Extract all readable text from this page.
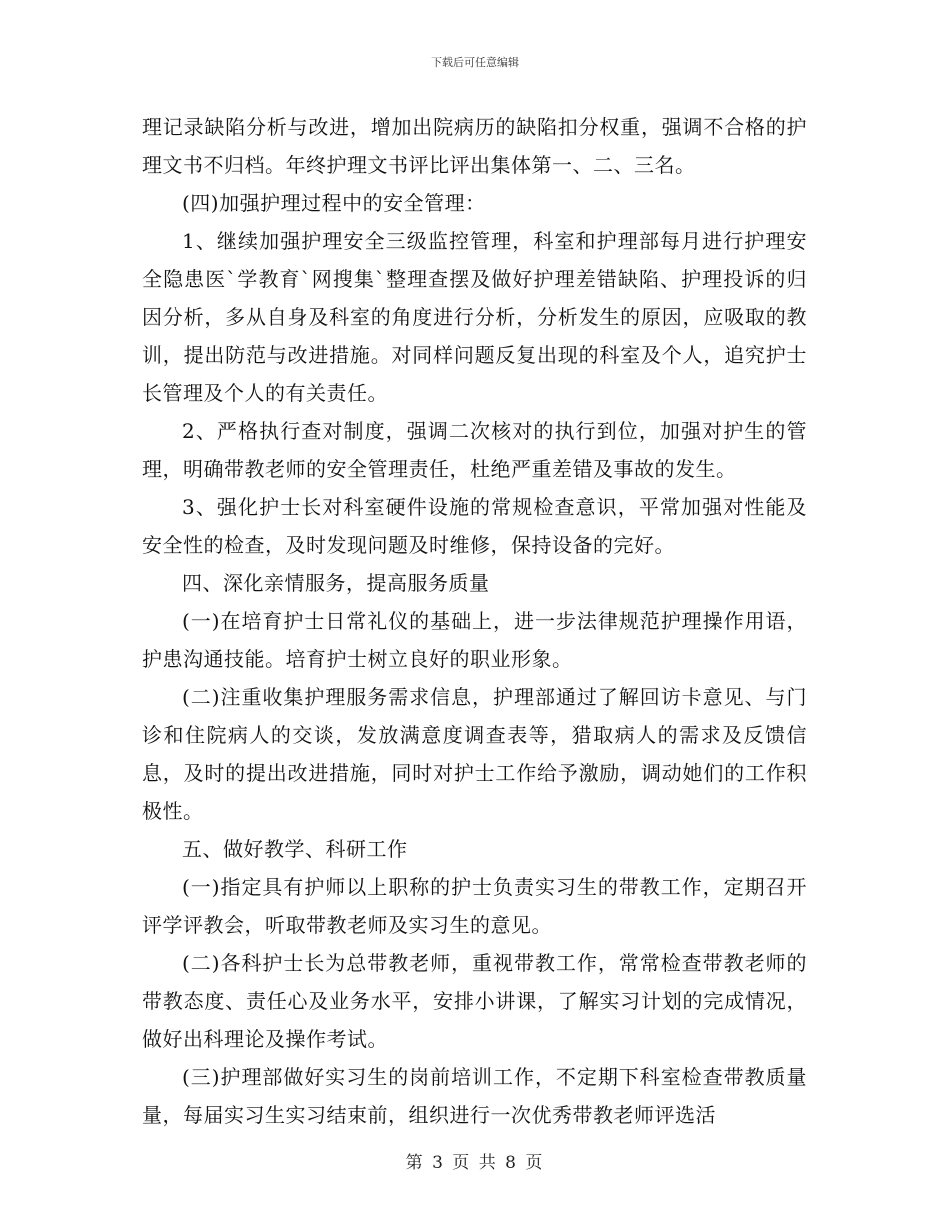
下载后可任意编辑

理记录缺陷分析与改进，增加出院病历的缺陷扣分权重，强调不合格的护理文书不归档。年终护理文书评比评出集体第一、二、三名。

(四)加强护理过程中的安全管理：

1、继续加强护理安全三级监控管理，科室和护理部每月进行护理安全隐患医`学教育`网搜集`整理查摆及做好护理差错缺陷、护理投诉的归因分析，多从自身及科室的角度进行分析，分析发生的原因，应吸取的教训，提出防范与改进措施。对同样问题反复出现的科室及个人，追究护士长管理及个人的有关责任。

2、严格执行查对制度，强调二次核对的执行到位，加强对护生的管理，明确带教老师的安全管理责任，杜绝严重差错及事故的发生。

3、强化护士长对科室硬件设施的常规检查意识，平常加强对性能及安全性的检查，及时发现问题及时维修，保持设备的完好。

四、深化亲情服务，提高服务质量

(一)在培育护士日常礼仪的基础上，进一步法律规范护理操作用语，护患沟通技能。培育护士树立良好的职业形象。

(二)注重收集护理服务需求信息，护理部通过了解回访卡意见、与门诊和住院病人的交谈，发放满意度调查表等，猎取病人的需求及反馈信息，及时的提出改进措施，同时对护士工作给予激励，调动她们的工作积极性。

五、做好教学、科研工作

(一)指定具有护师以上职称的护士负责实习生的带教工作，定期召开评学评教会，听取带教老师及实习生的意见。

(二)各科护士长为总带教老师，重视带教工作，常常检查带教老师的带教态度、责任心及业务水平，安排小讲课，了解实习计划的完成情况，做好出科理论及操作考试。

(三)护理部做好实习生的岗前培训工作，不定期下科室检查带教质量量，每届实习生实习结束前，组织进行一次优秀带教老师评选活

第 3 页 共 8 页
